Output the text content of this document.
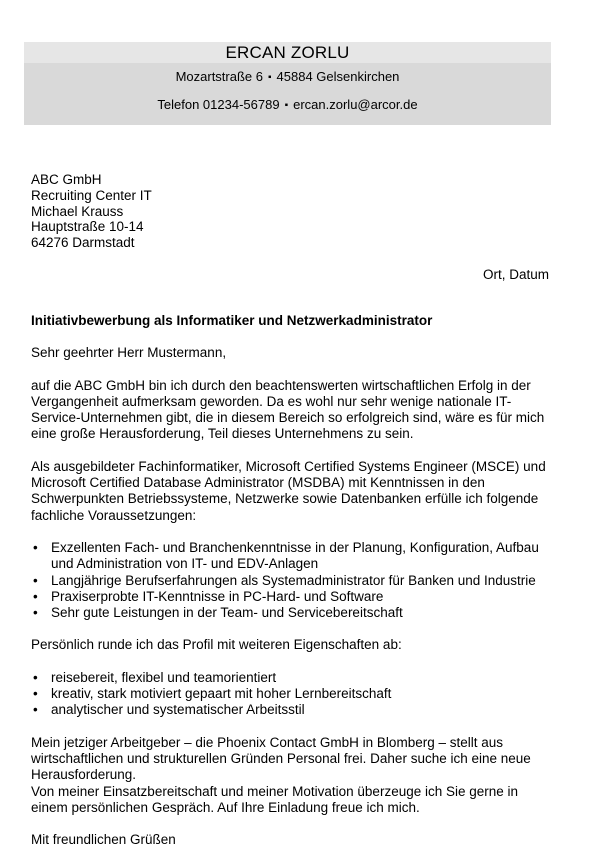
ERCAN ZORLU
Mozartstraße 6 ▪ 45884 Gelsenkirchen
Telefon 01234-56789 ▪ ercan.zorlu@arcor.de
ABC GmbH
Recruiting Center IT
Michael Krauss
Hauptstraße 10-14
64276 Darmstadt
Ort, Datum
Initiativbewerbung als Informatiker und Netzwerkadministrator

Sehr geehrter Herr Mustermann,

auf die ABC GmbH bin ich durch den beachtenswerten wirtschaftlichen Erfolg in der Vergangenheit aufmerksam geworden. Da es wohl nur sehr wenige nationale IT-Service-Unternehmen gibt, die in diesem Bereich so erfolgreich sind, wäre es für mich eine große Herausforderung, Teil dieses Unternehmens zu sein.

Als ausgebildeter Fachinformatiker, Microsoft Certified Systems Engineer (MSCE) und Microsoft Certified Database Administrator (MSDBA) mit Kenntnissen in den Schwerpunkten Betriebssysteme, Netzwerke sowie Datenbanken erfülle ich folgende fachliche Voraussetzungen:

• Exzellenten Fach- und Branchenkenntnisse in der Planung, Konfiguration, Aufbau und Administration von IT- und EDV-Anlagen
• Langjährige Berufserfahrungen als Systemadministrator für Banken und Industrie
• Praxiserprobte IT-Kenntnisse in PC-Hard- und Software
• Sehr gute Leistungen in der Team- und Servicebereitschaft

Persönlich runde ich das Profil mit weiteren Eigenschaften ab:

• reisebereit, flexibel und teamorientiert
• kreativ, stark motiviert gepaart mit hoher Lernbereitschaft
• analytischer und systematischer Arbeitsstil

Mein jetziger Arbeitgeber – die Phoenix Contact GmbH in Blomberg – stellt aus wirtschaftlichen und strukturellen Gründen Personal frei. Daher suche ich eine neue Herausforderung.
Von meiner Einsatzbereitschaft und meiner Motivation überzeuge ich Sie gerne in einem persönlichen Gespräch. Auf Ihre Einladung freue ich mich.

Mit freundlichen Grüßen
